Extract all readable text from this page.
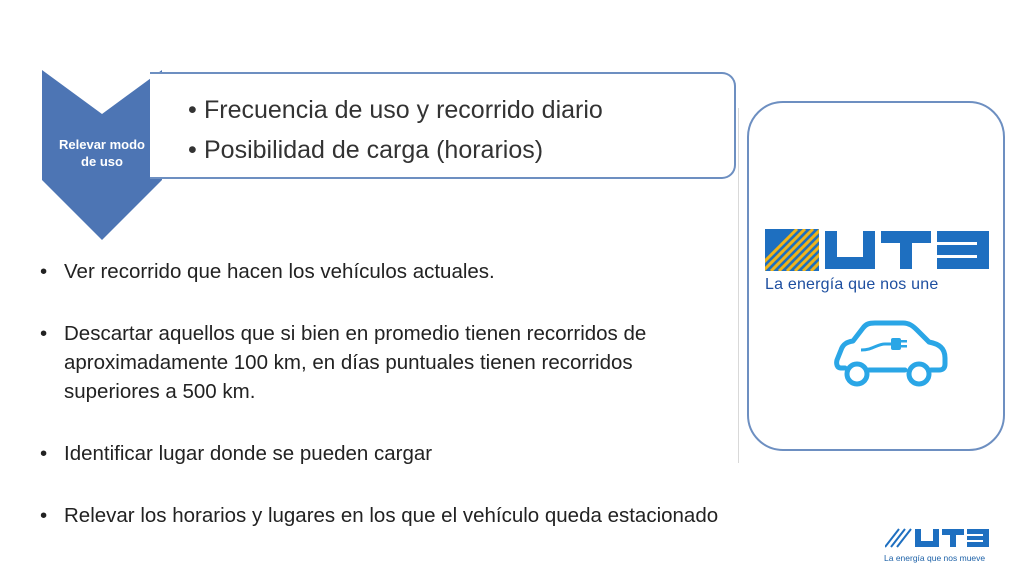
Relevar modo
de uso
• Frecuencia de uso y recorrido diario
• Posibilidad de carga (horarios)
• Ver recorrido que hacen los vehículos actuales.
• Descartar aquellos que si bien en promedio tienen recorridos de aproximadamente 100 km, en días puntuales tienen recorridos superiores a 500 km.
• Identificar lugar donde se pueden cargar
• Relevar los horarios y lugares en los que el vehículo queda estacionado
La energía que nos une
La energía que nos mueve
